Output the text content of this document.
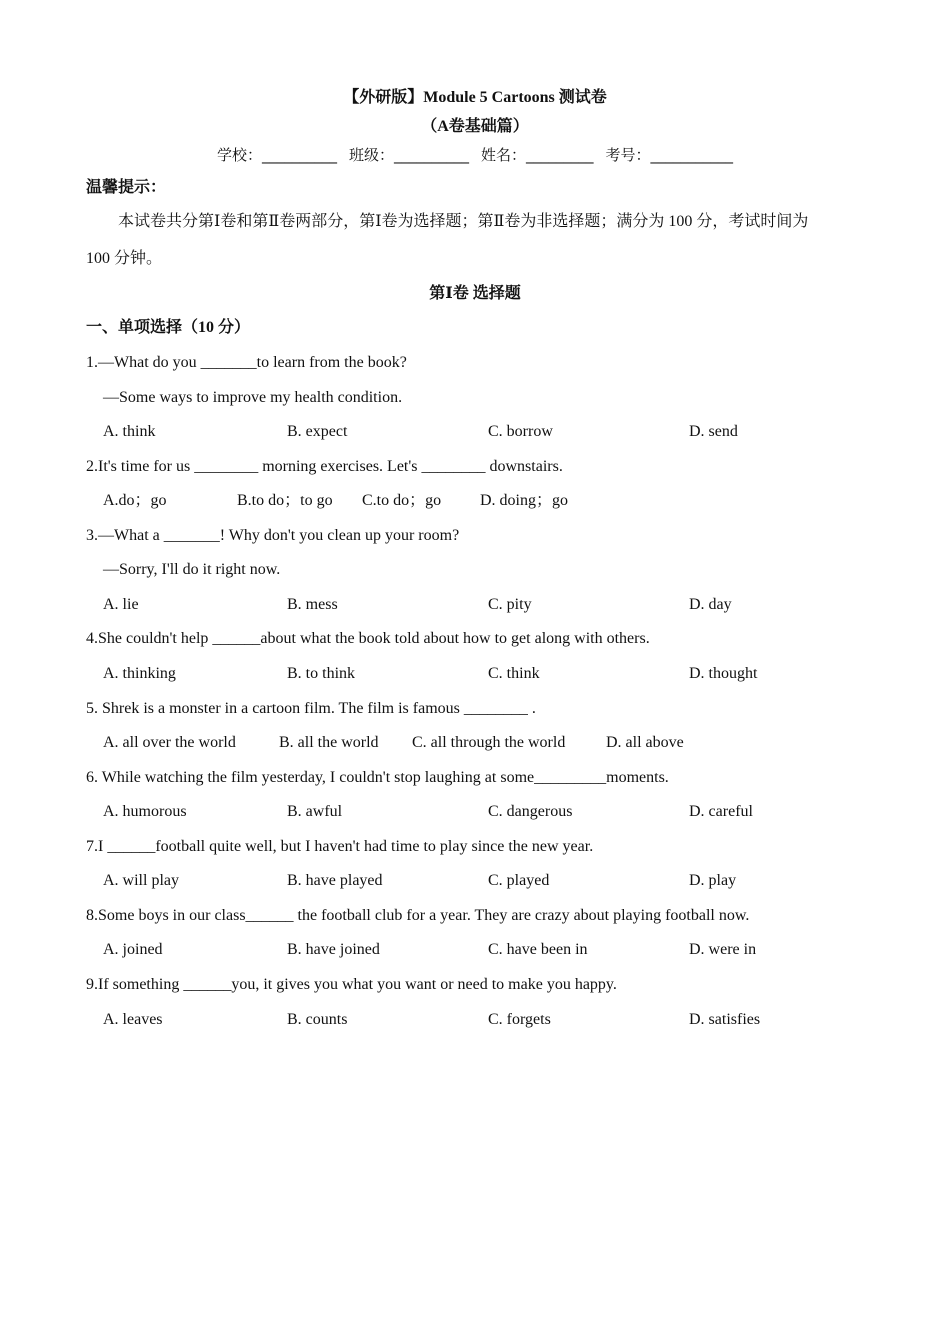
【外研版】Module 5 Cartoons 测试卷
（A卷基础篇）
学校：__________ 班级：__________ 姓名：_________ 考号：___________
温馨提示：
本试卷共分第Ⅰ卷和第Ⅱ卷两部分，第Ⅰ卷为选择题；第Ⅱ卷为非选择题；满分为 100 分，考试时间为
100 分钟。
第Ⅰ卷 选择题
一、单项选择（10 分）
1.—What do you _______to learn from the book?
—Some ways to improve my health condition.
A. think	B. expect	C. borrow	D. send
2.It's time for us ________ morning exercises. Let's ________ downstairs.
A.do；go	B.to do；to go C.to do；go D. doing；go
3.—What a _______! Why don't you clean up your room?
—Sorry, I'll do it right now.
A. lie	B. mess	C. pity	D. day
4.She couldn't help ______about what the book told about how to get along with others.
A. thinking	B. to think	C. think	D. thought
5. Shrek is a monster in a cartoon film. The film is famous ________ .
A. all over the world	B. all the world C. all through the world	D. all above
6. While watching the film yesterday, I couldn't stop laughing at some_________moments.
A. humorous	B. awful	C. dangerous	D. careful
7.I ______football quite well, but I haven't had time to play since the new year.
A. will play	B. have played	C. played	D. play
8.Some boys in our class______ the football club for a year. They are crazy about playing football now.
A. joined	B. have joined	C. have been in	D. were in
9.If something ______you, it gives you what you want or need to make you happy.
A. leaves	B. counts	C. forgets	D. satisfies
